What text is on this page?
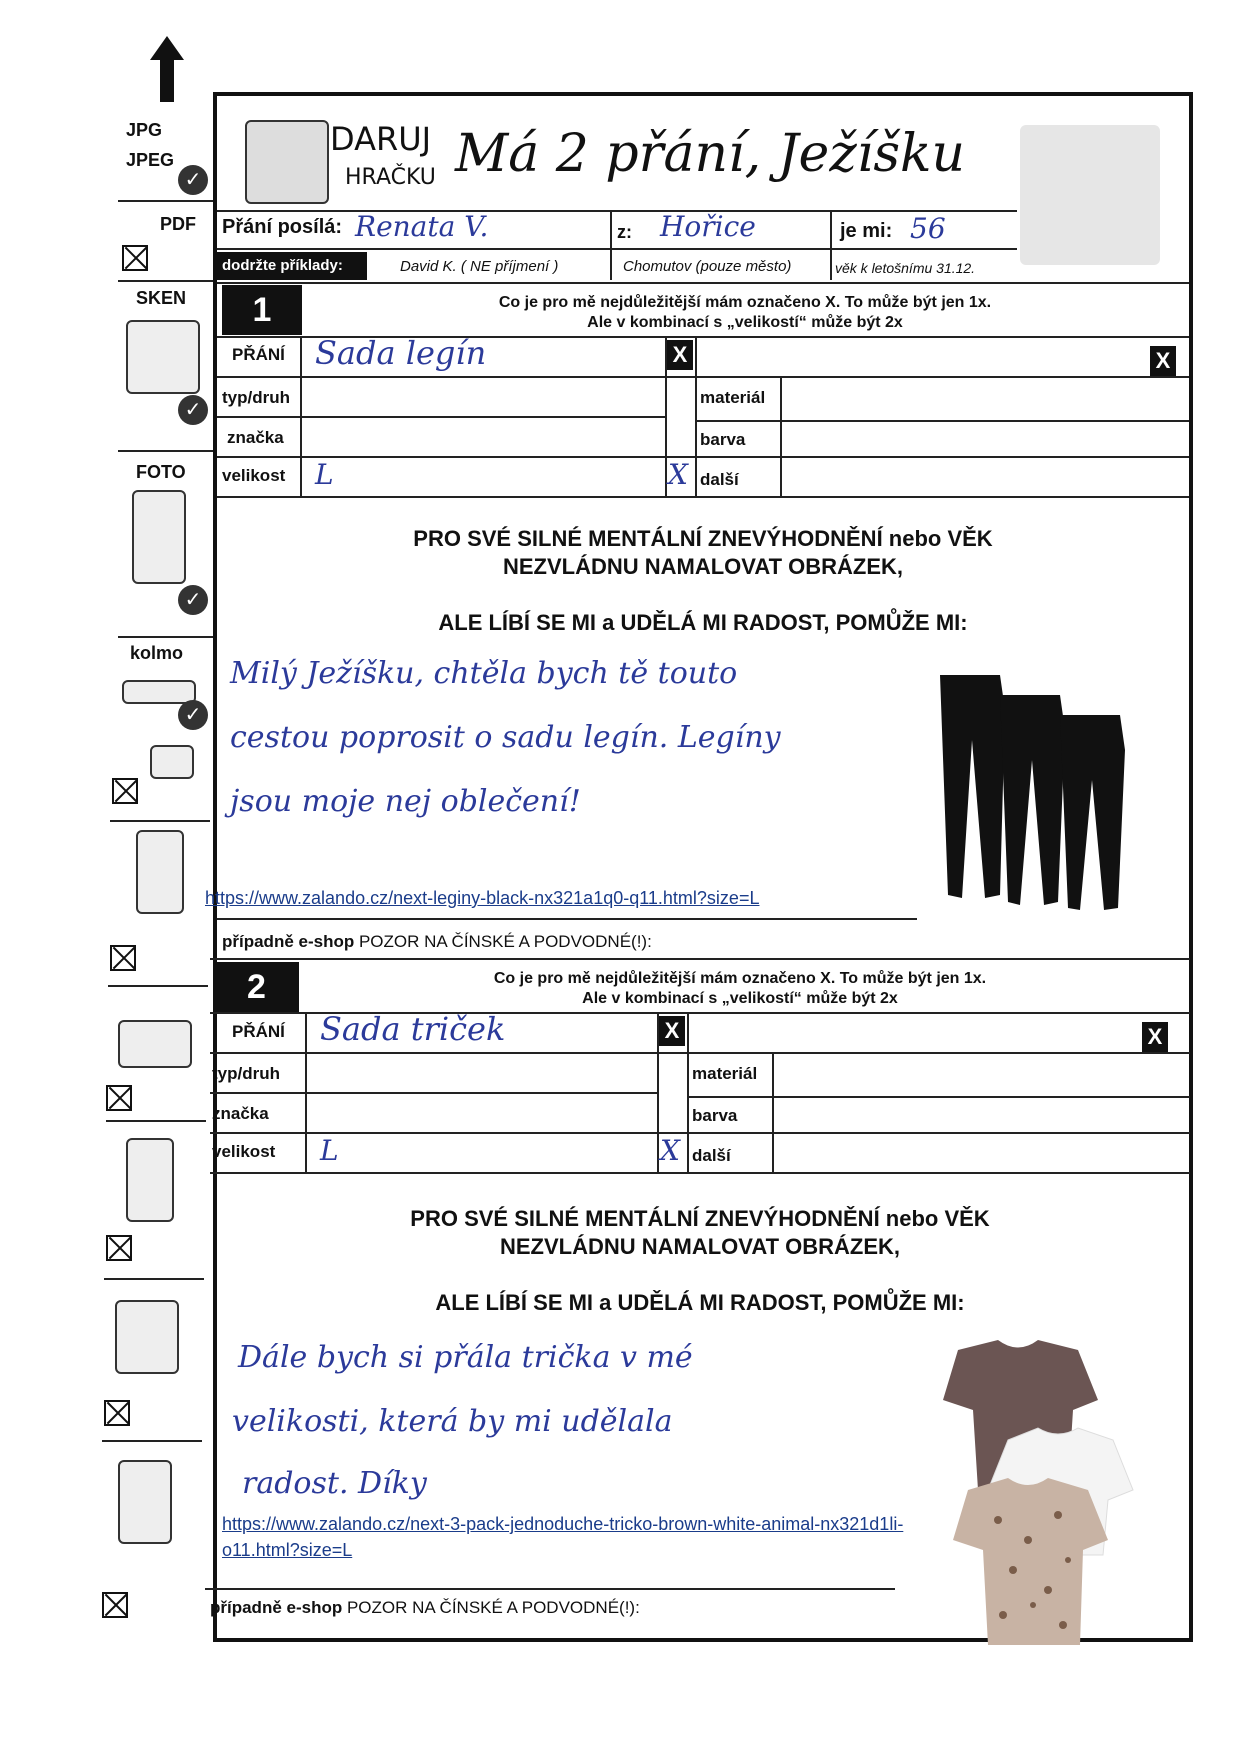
JPG
JPEG
✓
PDF
SKEN
✓
FOTO
✓
kolmo
✓
DARUJ
HRAČKU Má 2 přání, Ježíšku
Přání posílá: Renata V.	z: Hořice	je mi: 56
dodržte příklady:	David K. ( NE příjmení )	Chomutov (pouze město)	věk k letošnímu 31.12.
1	Co je pro mě nejdůležitější mám označeno X. To může být jen 1x.
Ale v kombinací s „velikostí“ může být 2x
PŘÁNÍ Sada legín	X	X
typ/druh	materiál
značka	barva
velikost L	X další
PRO SVÉ SILNÉ MENTÁLNÍ ZNEVÝHODNĚNÍ nebo VĚK
NEZVLÁDNU NAMALOVAT OBRÁZEK,
ALE LÍBÍ SE MI a UDĚLÁ MI RADOST, POMŮŽE MI:
Milý Ježíšku, chtěla bych tě touto
cestou poprosit o sadu legín. Legíny
jsou moje nej oblečení!
https://www.zalando.cz/next-leginy-black-nx321a1q0-q11.html?size=L
případně e-shop POZOR NA ČÍNSKÉ A PODVODNÉ(!):
2	Co je pro mě nejdůležitější mám označeno X. To může být jen 1x.
Ale v kombinací s „velikostí“ může být 2x
PŘÁNÍ Sada triček	X	X
typ/druh	materiál
značka	barva
velikost L	X další
PRO SVÉ SILNÉ MENTÁLNÍ ZNEVÝHODNĚNÍ nebo VĚK
NEZVLÁDNU NAMALOVAT OBRÁZEK,
ALE LÍBÍ SE MI a UDĚLÁ MI RADOST, POMŮŽE MI:
Dále bych si přála trička v mé
velikosti, která by mi udělala
radost. Díky
https://www.zalando.cz/next-3-pack-jednoduche-tricko-brown-white-animal-nx321d1li-
o11.html?size=L
případně e-shop POZOR NA ČÍNSKÉ A PODVODNÉ(!):
